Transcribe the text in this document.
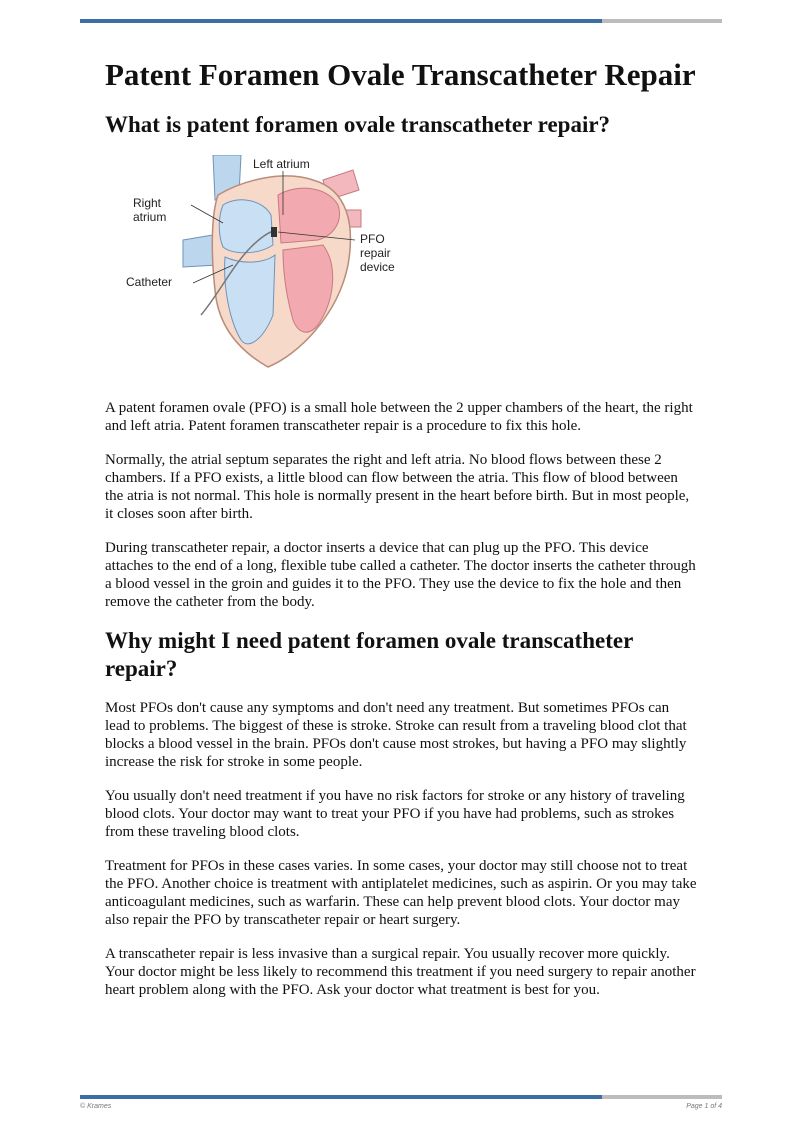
Patent Foramen Ovale Transcatheter Repair
What is patent foramen ovale transcatheter repair?
Left atrium
Right
atrium
Catheter
PFO
repair
device

A patent foramen ovale (PFO) is a small hole between the 2 upper chambers of the heart, the right and left atria. Patent foramen transcatheter repair is a procedure to fix this hole.

Normally, the atrial septum separates the right and left atria. No blood flows between these 2 chambers. If a PFO exists, a little blood can flow between the atria. This flow of blood between the atria is not normal. This hole is normally present in the heart before birth. But in most people, it closes soon after birth.

During transcatheter repair, a doctor inserts a device that can plug up the PFO. This device attaches to the end of a long, flexible tube called a catheter. The doctor inserts the catheter through a blood vessel in the groin and guides it to the PFO. They use the device to fix the hole and then remove the catheter from the body.

Why might I need patent foramen ovale transcatheter repair?

Most PFOs don't cause any symptoms and don't need any treatment. But sometimes PFOs can lead to problems. The biggest of these is stroke. Stroke can result from a traveling blood clot that blocks a blood vessel in the brain. PFOs don't cause most strokes, but having a PFO may slightly increase the risk for stroke in some people.

You usually don't need treatment if you have no risk factors for stroke or any history of traveling blood clots. Your doctor may want to treat your PFO if you have had problems, such as strokes from these traveling blood clots.

Treatment for PFOs in these cases varies. In some cases, your doctor may still choose not to treat the PFO. Another choice is treatment with antiplatelet medicines, such as aspirin. Or you may take anticoagulant medicines, such as warfarin. These can help prevent blood clots. Your doctor may also repair the PFO by transcatheter repair or heart surgery.

A transcatheter repair is less invasive than a surgical repair. You usually recover more quickly. Your doctor might be less likely to recommend this treatment if you need surgery to repair another heart problem along with the PFO. Ask your doctor what treatment is best for you.

© Krames	Page 1 of 4
